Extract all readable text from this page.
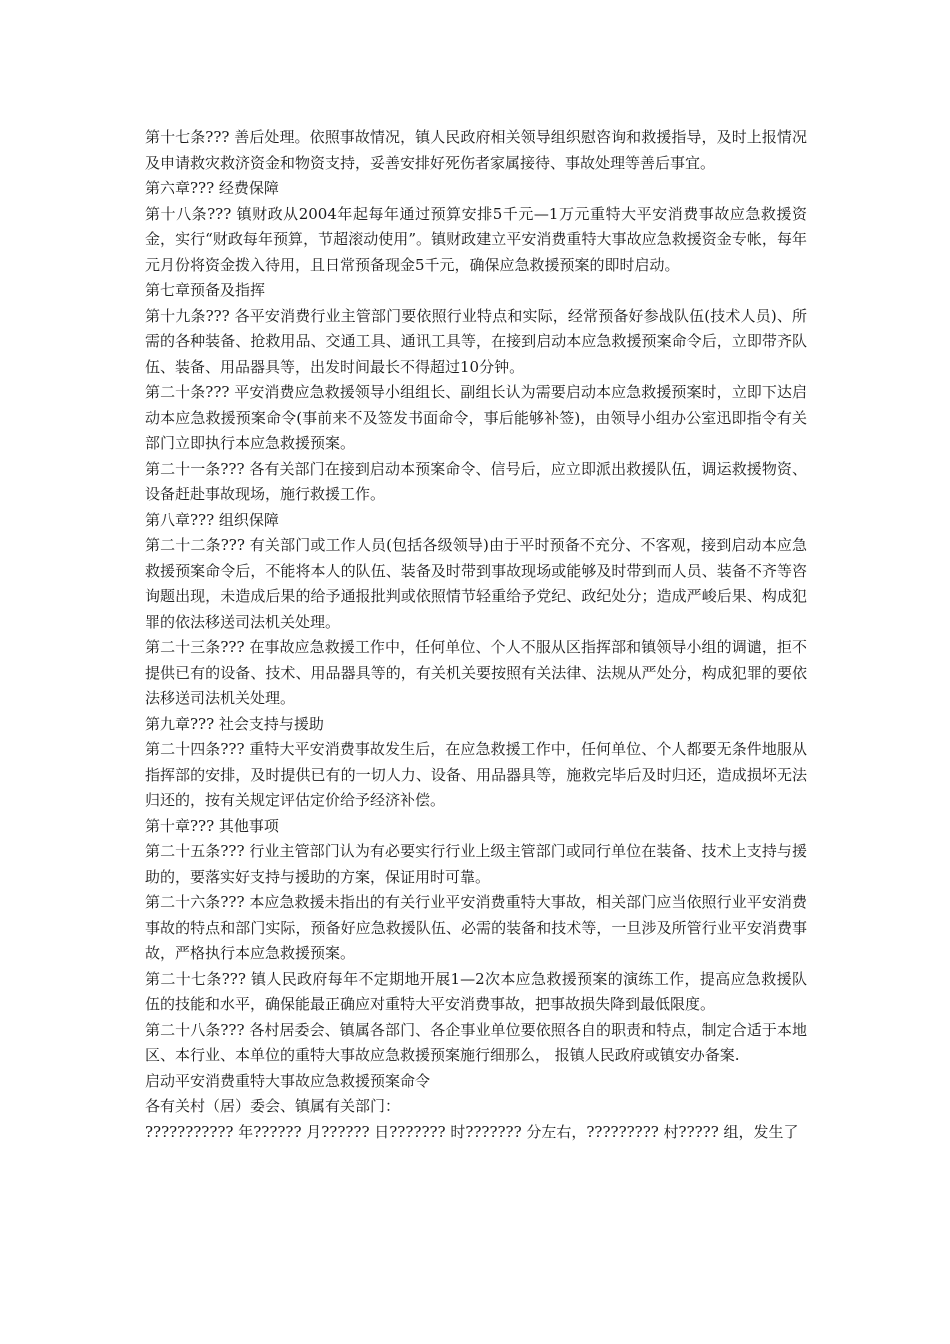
第十七条??? 善后处理。依照事故情况，镇人民政府相关领导组织慰咨询和救援指导，及时上报情况及申请救灾救济资金和物资支持，妥善安排好死伤者家属接待、事故处理等善后事宜。

第六章??? 经费保障

第十八条??? 镇财政从2004年起每年通过预算安排5千元—1万元重特大平安消费事故应急救援资金，实行“财政每年预算，节超滚动使用”。镇财政建立平安消费重特大事故应急救援资金专帐，每年元月份将资金拨入待用，且日常预备现金5千元，确保应急救援预案的即时启动。

第七章预备及指挥

第十九条??? 各平安消费行业主管部门要依照行业特点和实际，经常预备好参战队伍(技术人员)、所需的各种装备、抢救用品、交通工具、通讯工具等，在接到启动本应急救援预案命令后，立即带齐队伍、装备、用品器具等，出发时间最长不得超过10分钟。

第二十条??? 平安消费应急救援领导小组组长、副组长认为需要启动本应急救援预案时，立即下达启动本应急救援预案命令(事前来不及签发书面命令，事后能够补签)，由领导小组办公室迅即指令有关部门立即执行本应急救援预案。

第二十一条??? 各有关部门在接到启动本预案命令、信号后，应立即派出救援队伍，调运救援物资、设备赶赴事故现场，施行救援工作。

第八章??? 组织保障

第二十二条??? 有关部门或工作人员(包括各级领导)由于平时预备不充分、不客观，接到启动本应急救援预案命令后，不能将本人的队伍、装备及时带到事故现场或能够及时带到而人员、装备不齐等咨询题出现，未造成后果的给予通报批判或依照情节轻重给予党纪、政纪处分；造成严峻后果、构成犯罪的依法移送司法机关处理。

第二十三条??? 在事故应急救援工作中，任何单位、个人不服从区指挥部和镇领导小组的调谴，拒不提供已有的设备、技术、用品器具等的，有关机关要按照有关法律、法规从严处分，构成犯罪的要依法移送司法机关处理。

第九章??? 社会支持与援助

第二十四条??? 重特大平安消费事故发生后，在应急救援工作中，任何单位、个人都要无条件地服从指挥部的安排，及时提供已有的一切人力、设备、用品器具等，施救完毕后及时归还，造成损坏无法归还的，按有关规定评估定价给予经济补偿。

第十章??? 其他事项

第二十五条??? 行业主管部门认为有必要实行行业上级主管部门或同行单位在装备、技术上支持与援助的，要落实好支持与援助的方案，保证用时可靠。

第二十六条??? 本应急救援未指出的有关行业平安消费重特大事故，相关部门应当依照行业平安消费事故的特点和部门实际，预备好应急救援队伍、必需的装备和技术等，一旦涉及所管行业平安消费事故，严格执行本应急救援预案。

第二十七条??? 镇人民政府每年不定期地开展1—2次本应急救援预案的演练工作，提高应急救援队伍的技能和水平，确保能最正确应对重特大平安消费事故，把事故损失降到最低限度。

第二十八条??? 各村居委会、镇属各部门、各企事业单位要依照各自的职责和特点，制定合适于本地区、本行业、本单位的重特大事故应急救援预案施行细那么， 报镇人民政府或镇安办备案.

启动平安消费重特大事故应急救援预案命令

各有关村（居）委会、镇属有关部门：

??????????? 年?????? 月?????? 日??????? 时??????? 分左右，????????? 村????? 组，发生了
